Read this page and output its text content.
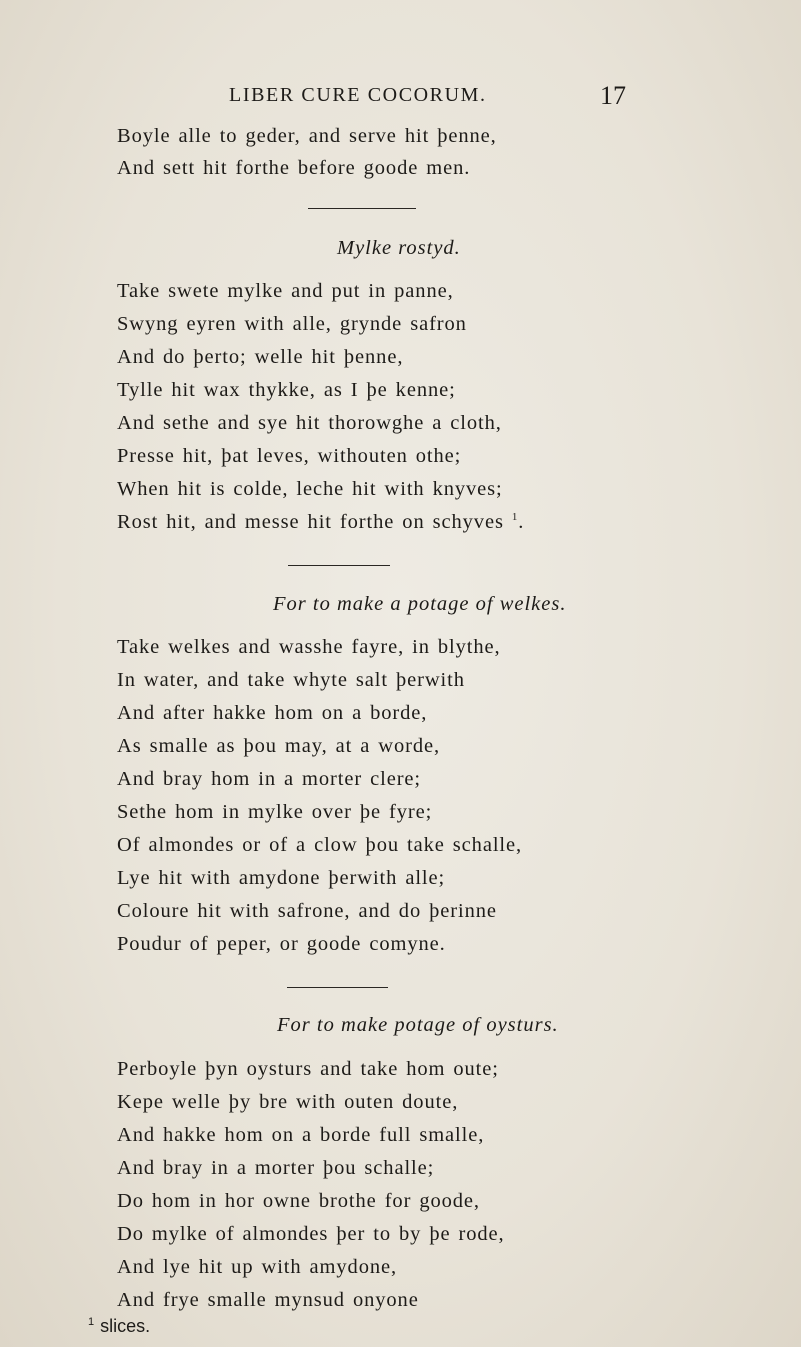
LIBER CURE COCORUM.	17
Boyle alle to geder, and serve hit þenne,
And sett hit forthe before goode men.
Mylke rostyd.
Take swete mylke and put in panne,
Swyng eyren with alle, grynde safron
And do þerto; welle hit þenne,
Tylle hit wax thykke, as I þe kenne;
And sethe and sye hit thorowghe a cloth,
Presse hit, þat leves, withouten othe;
When hit is colde, leche hit with knyves;
Rost hit, and messe hit forthe on schyves $^1$.
For to make a potage of welkes.
Take welkes and wasshe fayre, in blythe,
In water, and take whyte salt þerwith
And after hakke hom on a borde,
As smalle as þou may, at a worde,
And bray hom in a morter clere;
Sethe hom in mylke over þe fyre;
Of almondes or of a clow þou take schalle,
Lye hit with amydone þerwith alle;
Coloure hit with safrone, and do þerinne
Poudur of peper, or goode comyne.
For to make potage of oysturs.
Perboyle þyn oysturs and take hom oute;
Kepe welle þy bre with outen doute,
And hakke hom on a borde full smalle,
And bray in a morter þou schalle;
Do hom in hor owne brothe for goode,
Do mylke of almondes þer to by þe rode,
And lye hit up with amydone,
And frye smalle mynsud onyone
$^1$ slices.
